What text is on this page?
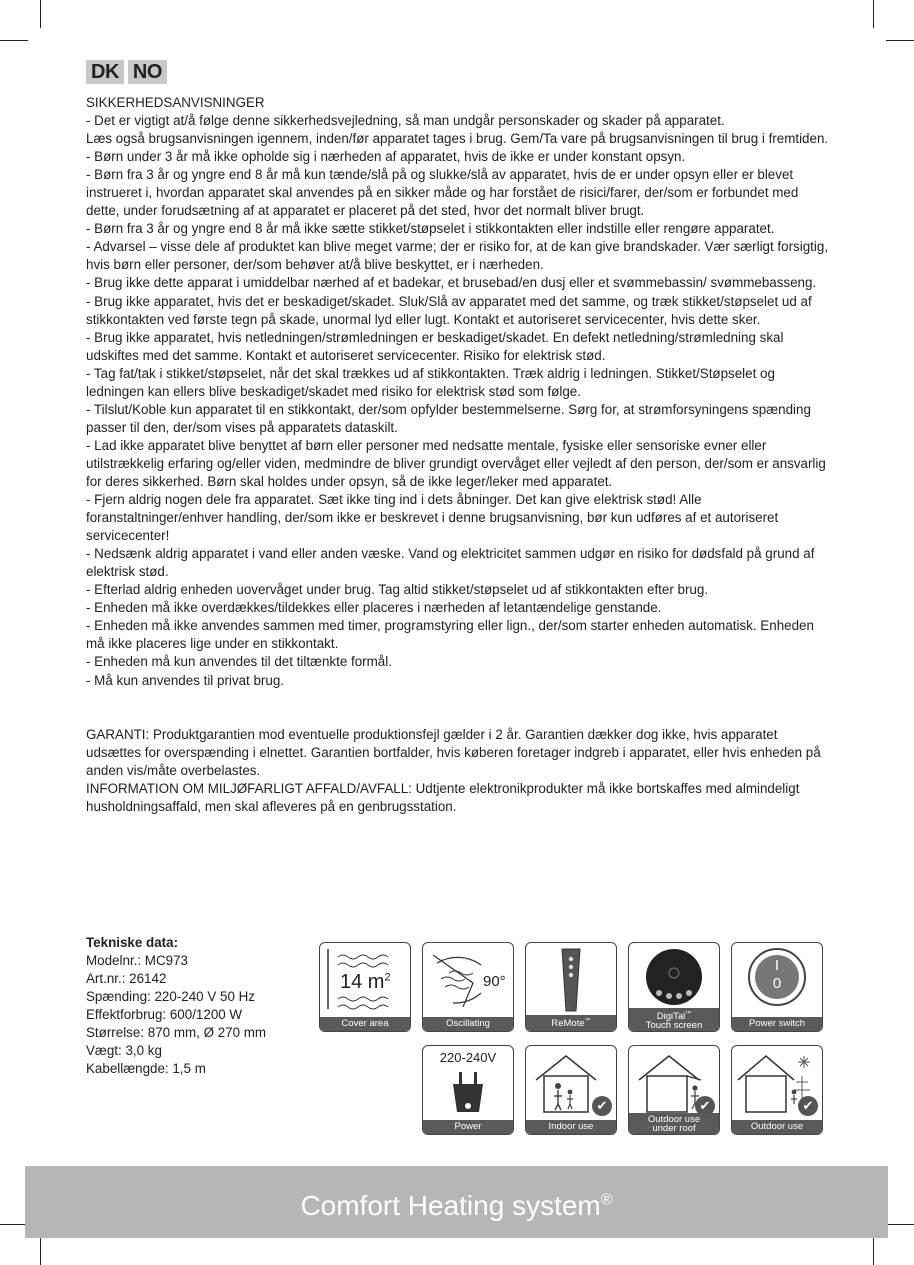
DK NO

SIKKERHEDSANVISNINGER

- Det er vigtigt at/å følge denne sikkerhedsvejledning, så man undgår personskader og skader på apparatet.

Læs også brugsanvisningen igennem, inden/før apparatet tages i brug. Gem/Ta vare på brugsanvisningen til brug i fremtiden.

- Børn under 3 år må ikke opholde sig i nærheden af apparatet, hvis de ikke er under konstant opsyn.

- Børn fra 3 år og yngre end 8 år må kun tænde/slå på og slukke/slå av apparatet, hvis de er under opsyn eller er blevet instrueret i, hvordan apparatet skal anvendes på en sikker måde og har forstået de risici/farer, der/som er forbundet med dette, under forudsætning af at apparatet er placeret på det sted, hvor det normalt bliver brugt.

- Børn fra 3 år og yngre end 8 år må ikke sætte stikket/støpselet i stikkontakten eller indstille eller rengøre apparatet.

- Advarsel – visse dele af produktet kan blive meget varme; der er risiko for, at de kan give brandskader. Vær særligt forsigtig, hvis børn eller personer, der/som behøver at/å blive beskyttet, er i nærheden.

- Brug ikke dette apparat i umiddelbar nærhed af et badekar, et brusebad/en dusj eller et svømmebassin/ svømmebasseng.

- Brug ikke apparatet, hvis det er beskadiget/skadet. Sluk/Slå av apparatet med det samme, og træk stikket/støpselet ud af stikkontakten ved første tegn på skade, unormal lyd eller lugt. Kontakt et autoriseret servicecenter, hvis dette sker.

- Brug ikke apparatet, hvis netledningen/strømledningen er beskadiget/skadet. En defekt netledning/strømledning skal udskiftes med det samme. Kontakt et autoriseret servicecenter. Risiko for elektrisk stød.

- Tag fat/tak i stikket/støpselet, når det skal trækkes ud af stikkontakten. Træk aldrig i ledningen. Stikket/Støpselet og ledningen kan ellers blive beskadiget/skadet med risiko for elektrisk stød som følge.

- Tilslut/Koble kun apparatet til en stikkontakt, der/som opfylder bestemmelserne. Sørg for, at strømforsyningens spænding passer til den, der/som vises på apparatets dataskilt.

- Lad ikke apparatet blive benyttet af børn eller personer med nedsatte mentale, fysiske eller sensoriske evner eller utilstrækkelig erfaring og/eller viden, medmindre de bliver grundigt overvåget eller vejledt af den person, der/som er ansvarlig for deres sikkerhed. Børn skal holdes under opsyn, så de ikke leger/leker med apparatet.

- Fjern aldrig nogen dele fra apparatet. Sæt ikke ting ind i dets åbninger. Det kan give elektrisk stød! Alle foranstaltninger/enhver handling, der/som ikke er beskrevet i denne brugsanvisning, bør kun udføres af et autoriseret servicecenter!

- Nedsænk aldrig apparatet i vand eller anden væske. Vand og elektricitet sammen udgør en risiko for dødsfald på grund af elektrisk stød.

- Efterlad aldrig enheden uovervåget under brug. Tag altid stikket/støpselet ud af stikkontakten efter brug.

- Enheden må ikke overdækkes/tildekkes eller placeres i nærheden af letantændelige genstande.

- Enheden må ikke anvendes sammen med timer, programstyring eller lign., der/som starter enheden automatisk. Enheden må ikke placeres lige under en stikkontakt.

- Enheden må kun anvendes til det tiltænkte formål.

- Må kun anvendes til privat brug.

GARANTI: Produktgarantien mod eventuelle produktionsfejl gælder i 2 år. Garantien dækker dog ikke, hvis apparatet udsættes for overspænding i elnettet. Garantien bortfalder, hvis køberen foretager indgreb i apparatet, eller hvis enheden på anden vis/måte overbelastes.

INFORMATION OM MILJØFARLIGT AFFALD/AVFALL: Udtjente elektronikprodukter må ikke bortskaffes med almindeligt husholdningsaffald, men skal afleveres på en genbrugsstation.

Tekniske data:

Modelnr.: MC973

Art.nr.: 26142

Spænding: 220-240 V 50 Hz

Effektforbrug: 600/1200 W

Størrelse: 870 mm, Ø 270 mm

Vægt: 3,0 kg

Kabellængde: 1,5 m

14 $m^2$
Cover area
90°
Oscillating	ReMote™	DigiTal™
Touch screen
I
0
Power switch
220-240V
Power
✔
Indoor use
✔
Outdoor use
under roof
✔
Outdoor use
Comfort Heating system®
